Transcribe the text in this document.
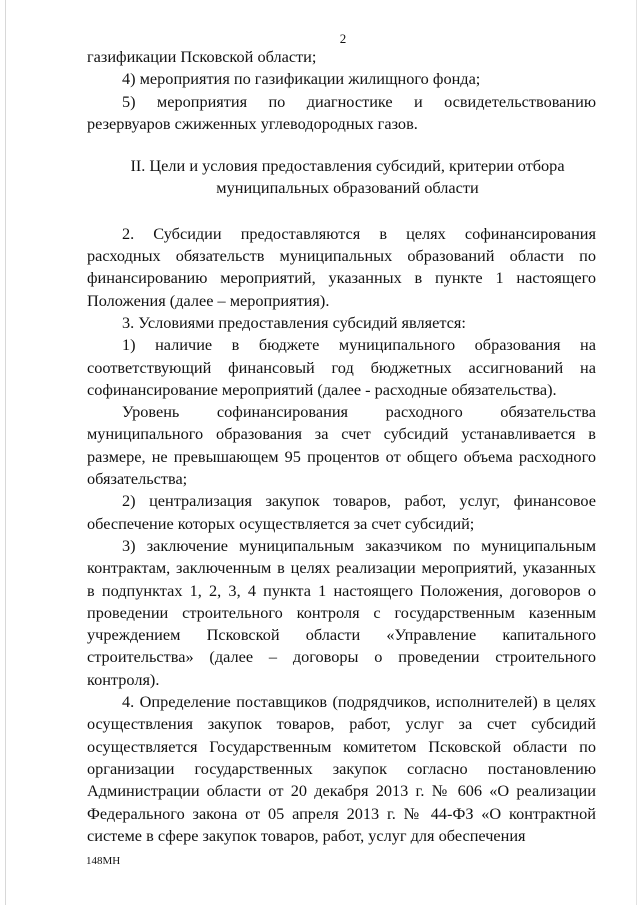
2

газификации Псковской области;

4) мероприятия по газификации жилищного фонда;

5) мероприятия по диагностике и освидетельствованию резервуаров сжиженных углеводородных газов.

II. Цели и условия предоставления субсидий, критерии отбора муниципальных образований области

2. Субсидии предоставляются в целях софинансирования расходных обязательств муниципальных образований области по финансированию мероприятий, указанных в пункте 1 настоящего Положения (далее – мероприятия).

3. Условиями предоставления субсидий является:

1) наличие в бюджете муниципального образования на соответствующий финансовый год бюджетных ассигнований на софинансирование мероприятий (далее - расходные обязательства).

Уровень софинансирования расходного обязательства муниципального образования за счет субсидий устанавливается в размере, не превышающем 95 процентов от общего объема расходного обязательства;

2) централизация закупок товаров, работ, услуг, финансовое обеспечение которых осуществляется за счет субсидий;

3) заключение муниципальным заказчиком по муниципальным контрактам, заключенным в целях реализации мероприятий, указанных в подпунктах 1, 2, 3, 4 пункта 1 настоящего Положения, договоров о проведении строительного контроля с государственным казенным учреждением Псковской области «Управление капитального строительства» (далее – договоры о проведении строительного контроля).

4. Определение поставщиков (подрядчиков, исполнителей) в целях осуществления закупок товаров, работ, услуг за счет субсидий осуществляется Государственным комитетом Псковской области по организации государственных закупок согласно постановлению Администрации области от 20 декабря 2013 г. № 606 «О реализации Федерального закона от 05 апреля 2013 г. № 44-ФЗ «О контрактной системе в сфере закупок товаров, работ, услуг для обеспечения

148МН
